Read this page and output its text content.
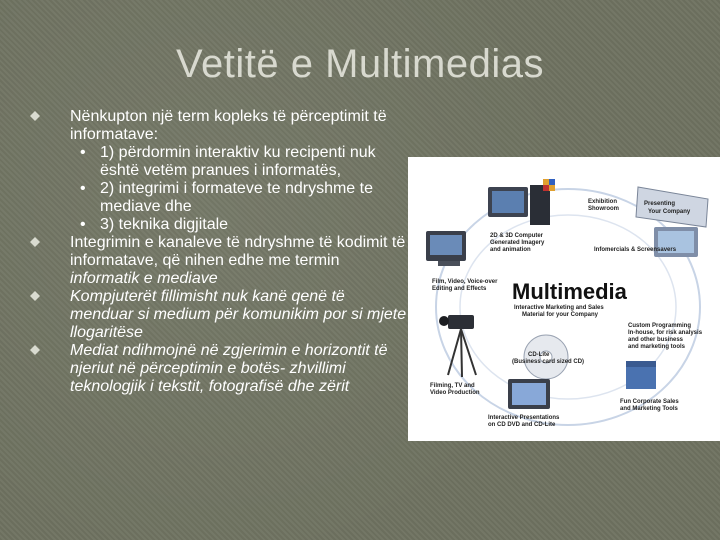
Vetitë e Multimedias

Nënkupton një term kopleks të përceptimit të informatave:

• 1) përdormin interaktiv ku recipenti nuk është vetëm pranues i informatës,

• 2) integrimi i formateve te ndryshme te mediave dhe

• 3) teknika digjitale

Integrimin e kanaleve të ndryshme të kodimit të informatave, që nihen edhe me termin informatik e mediave

Kompjuterët fillimisht nuk kanë qenë të menduar si medium për komunikim por si mjete llogaritëse

Mediat ndihmojnë në zgjerimin e horizontit të njeriut në përceptimin e botës- zhvillimi teknologjik i tekstit, fotografisë dhe zërit

2D & 3D Computer
Generated Imagery
and animation
Presenting
Your Company
Exhibition
Showroom
Infomercials & Screensavers
Film, Video, Voice-over
Editing and Effects Multimedia
Interactive Marketing and Sales
Material for your Company
Custom Programming
In-house, for risk analysis
and other business
and marketing tools
Filming, TV and
Video Production
CD-Lite
(Business card sized CD)
Fun Corporate Sales
and Marketing Tools
Interactive Presentations
on CD DVD and CD-Lite
